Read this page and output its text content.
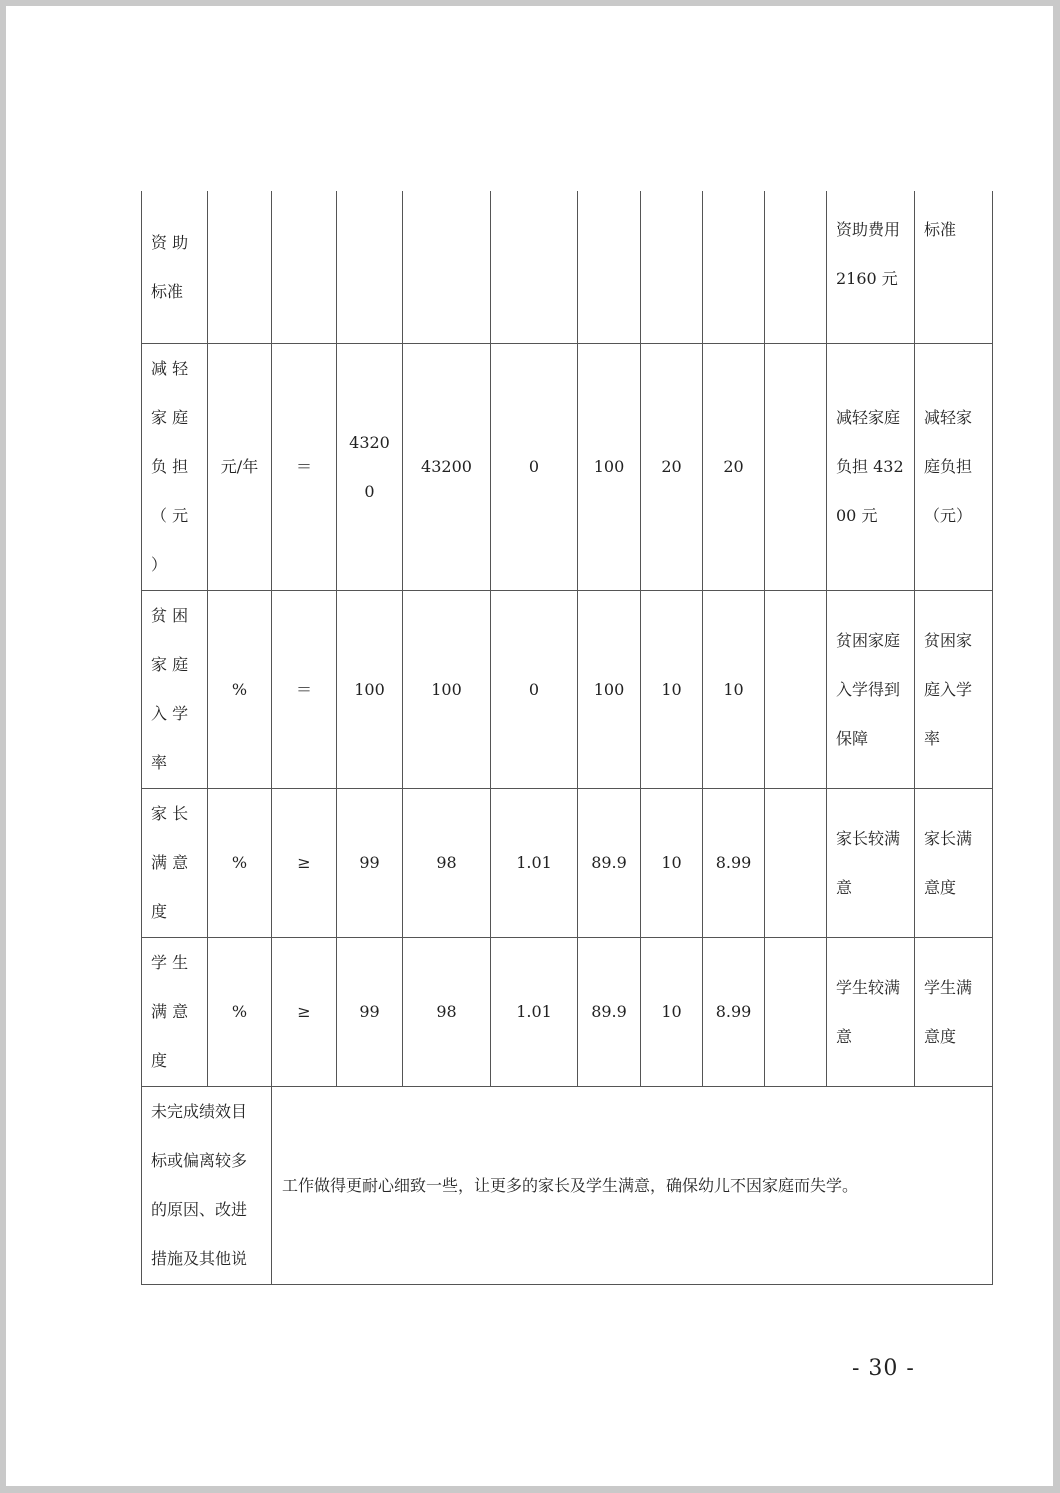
资 助 标准										资助费用 2160 元	标准
减 轻 家 庭 负 担 （ 元 ）	元/年	＝	43200	43200	0	100	20	20		减轻家庭负担 43200 元	减轻家庭负担（元）
贫 困 家 庭 入 学 率	%	＝	100	100	0	100	10	10		贫困家庭入学得到保障	贫困家庭入学率
家 长 满 意 度	%	≥	99	98	1.01	89.9	10	8.99		家长较满意	家长满意度
学 生 满 意度	%	≥	99	98	1.01	89.9	10	8.99		学生较满意	学生满意度
未完成绩效目标或偏离较多的原因、改进措施及其他说		工作做得更耐心细致一些，让更多的家长及学生满意，确保幼儿不因家庭而失学。									
- 30 -
